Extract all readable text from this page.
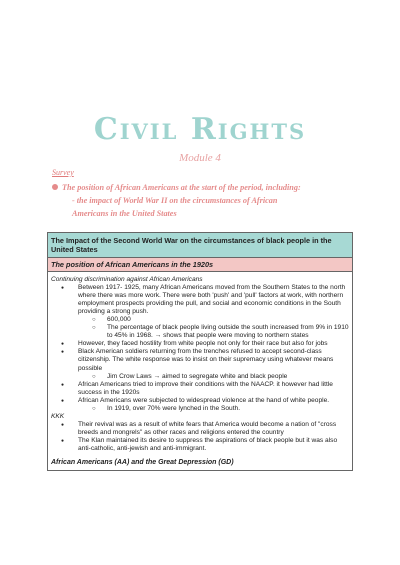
Civil Rights
Module 4
Survey
The position of African Americans at the start of the period, including:
- the impact of World War II on the circumstances of African
Americans in the United States
The Impact of the Second World War on the circumstances of black people in the United States
The position of African Americans in the 1920s
Continuing discrimination against African Americans
● Between 1917- 1925, many African Americans moved from the Southern States to the north where there was more work. There were both 'push' and 'pull' factors at work, with northern employment prospects providing the pull, and social and economic conditions in the South providing a strong push.
○ 600,000
○ The percentage of black people living outside the south increased from 9% in 1910 to 45% in 1968. → shows that people were moving to northern states
● However, they faced hostility from white people not only for their race but also for jobs
● Black American soldiers returning from the trenches refused to accept second-class citizenship. The white response was to insist on their supremacy using whatever means possible
○ Jim Crow Laws → aimed to segregate white and black people
● African Americans tried to improve their conditions with the NAACP. it however had little success in the 1920s
● African Americans were subjected to widespread violence at the hand of white people.
○ In 1919, over 70% were lynched in the South.
KKK
● Their revival was as a result of white fears that America would become a nation of "cross breeds and mongrels" as other races and religions entered the country
● The Klan maintained its desire to suppress the aspirations of black people but it was also anti-catholic, anti-jewish and anti-immigrant.
African Americans (AA) and the Great Depression (GD)
